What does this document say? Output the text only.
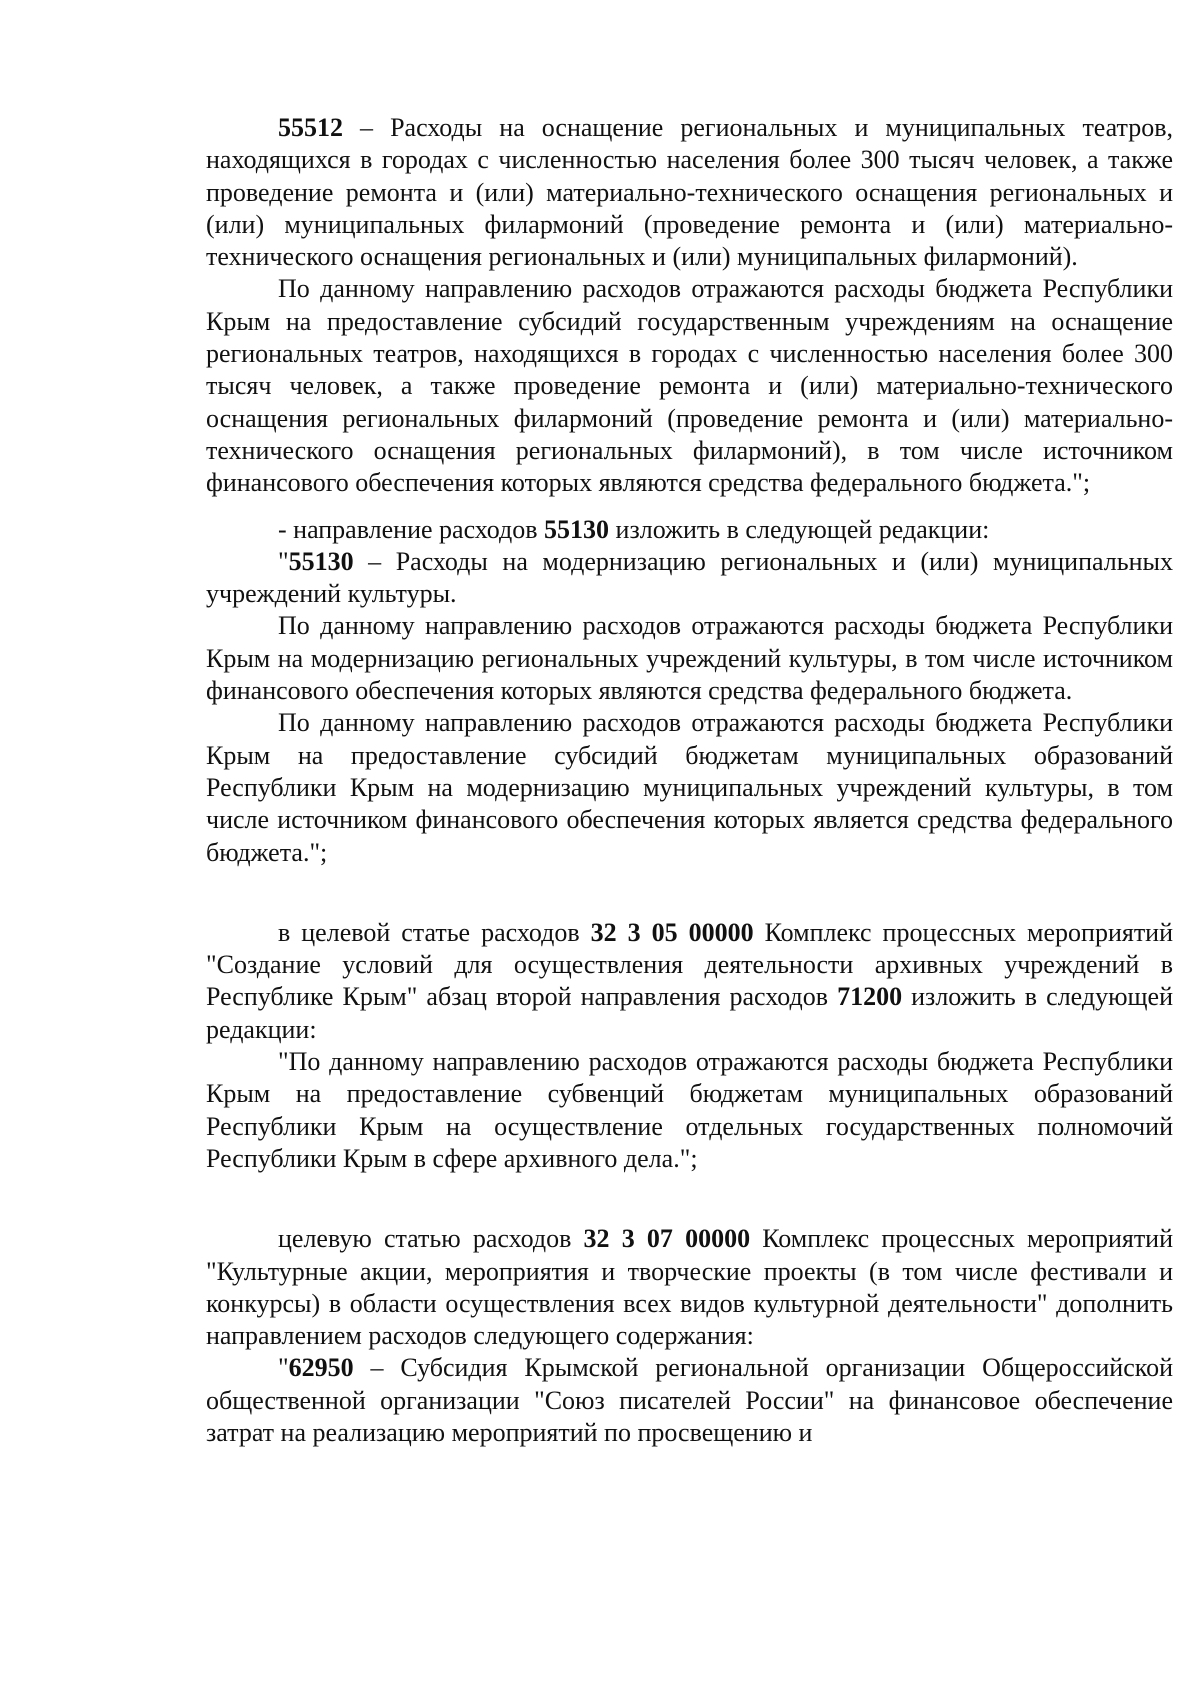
55512 – Расходы на оснащение региональных и муниципальных театров, находящихся в городах с численностью населения более 300 тысяч человек, а также проведение ремонта и (или) материально-технического оснащения региональных и (или) муниципальных филармоний (проведение ремонта и (или) материально-технического оснащения региональных и (или) муниципальных филармоний).

По данному направлению расходов отражаются расходы бюджета Республики Крым на предоставление субсидий государственным учреждениям на оснащение региональных театров, находящихся в городах с численностью населения более 300 тысяч человек, а также проведение ремонта и (или) материально-технического оснащения региональных филармоний (проведение ремонта и (или) материально-технического оснащения региональных филармоний), в том числе источником финансового обеспечения которых являются средства федерального бюджета.";

- направление расходов 55130 изложить в следующей редакции:

"55130 – Расходы на модернизацию региональных и (или) муниципальных учреждений культуры.

По данному направлению расходов отражаются расходы бюджета Республики Крым на модернизацию региональных учреждений культуры, в том числе источником финансового обеспечения которых являются средства федерального бюджета.

По данному направлению расходов отражаются расходы бюджета Республики Крым на предоставление субсидий бюджетам муниципальных образований Республики Крым на модернизацию муниципальных учреждений культуры, в том числе источником финансового обеспечения которых является средства федерального бюджета.";

в целевой статье расходов 32 3 05 00000 Комплекс процессных мероприятий "Создание условий для осуществления деятельности архивных учреждений в Республике Крым" абзац второй направления расходов 71200 изложить в следующей редакции:

"По данному направлению расходов отражаются расходы бюджета Республики Крым на предоставление субвенций бюджетам муниципальных образований Республики Крым на осуществление отдельных государственных полномочий Республики Крым в сфере архивного дела.";

целевую статью расходов 32 3 07 00000 Комплекс процессных мероприятий "Культурные акции, мероприятия и творческие проекты (в том числе фестивали и конкурсы) в области осуществления всех видов культурной деятельности" дополнить направлением расходов следующего содержания:

"62950 – Субсидия Крымской региональной организации Общероссийской общественной организации "Союз писателей России" на финансовое обеспечение затрат на реализацию мероприятий по просвещению и
